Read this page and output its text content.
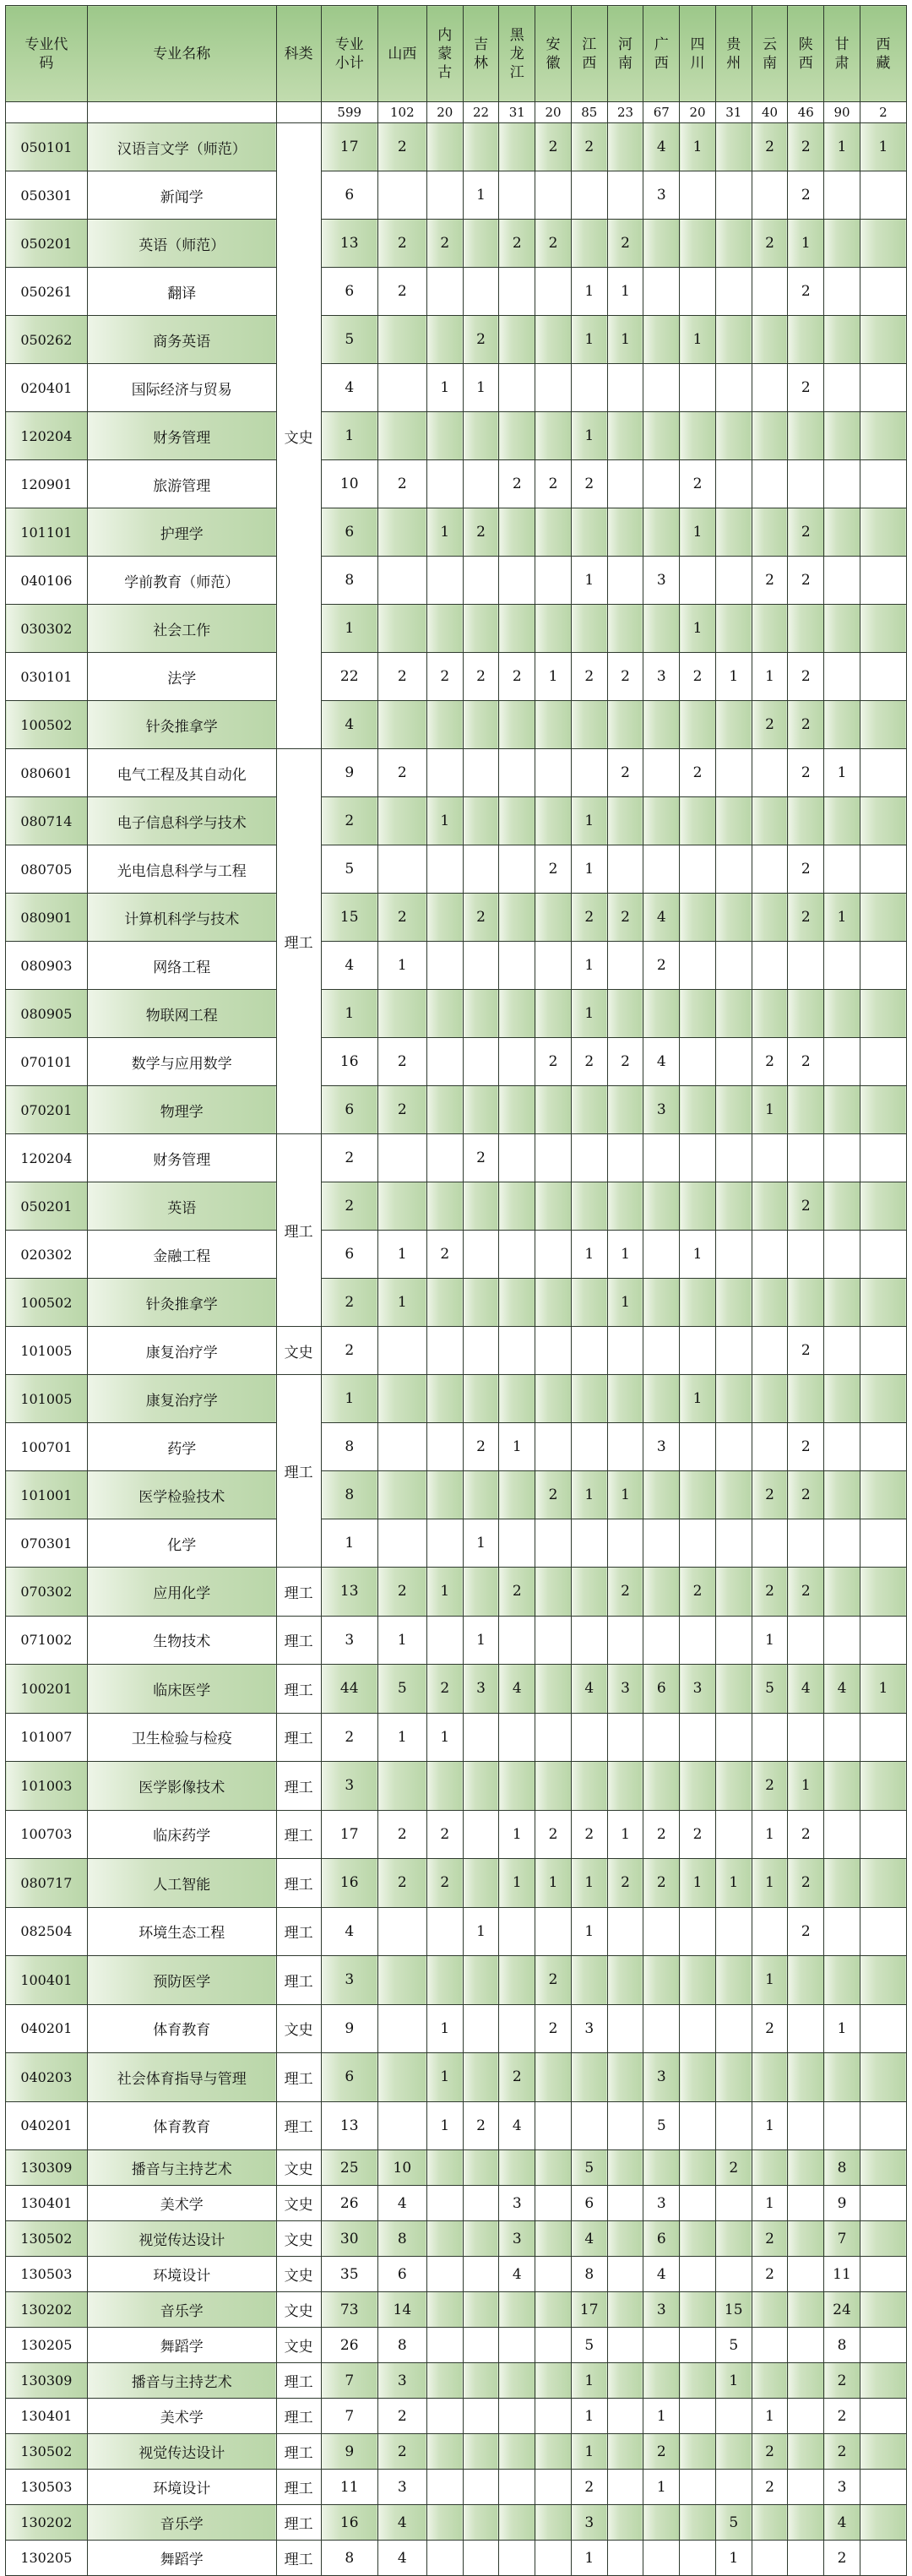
专业代码	专业名称	科类	专业小计	山西	内蒙古	吉林	黑龙江	安徽	江西	河南	广西	四川	贵州	云南	陕西	甘肃	西藏
			599	102	20	22	31	20	85	23	67	20	31	40	46	90	2
050101	汉语言文学（师范）	文史	17	2				2	2		4	1		2	2	1	1
050301	新闻学		6			1					3				2		
050201	英语（师范）		13	2	2		2	2		2				2	1		
050261	翻译		6	2					1	1					2		
050262	商务英语		5			2			1	1		1					
020401	国际经济与贸易		4		1	1									2		
120204	财务管理		1						1								
120901	旅游管理		10	2			2	2	2			2					
101101	护理学		6		1	2						1			2		
040106	学前教育（师范）		8						1		3			2	2		
030302	社会工作		1									1					
030101	法学		22	2	2	2	2	1	2	2	3	2	1	1	2		
100502	针灸推拿学		4											2	2		
080601	电气工程及其自动化	理工	9	2						2		2			2	1	
080714	电子信息科学与技术		2		1				1								
080705	光电信息科学与工程		5					2	1						2		
080901	计算机科学与技术		15	2		2			2	2	4				2	1	
080903	网络工程		4	1					1		2						
080905	物联网工程		1						1								
070101	数学与应用数学		16	2				2	2	2	4			2	2		
070201	物理学		6	2							3			1			
120204	财务管理	理工	2			2											
050201	英语		2												2		
020302	金融工程		6	1	2				1	1		1					
100502	针灸推拿学		2	1						1							
101005	康复治疗学	文史	2												2		
101005	康复治疗学	理工	1									1					
100701	药学		8			2	1				3				2		
101001	医学检验技术		8					2	1	1				2	2		
070301	化学		1			1											
070302	应用化学	理工	13	2	1		2			2		2		2	2		
071002	生物技术	理工	3	1		1								1			
100201	临床医学	理工	44	5	2	3	4		4	3	6	3		5	4	4	1
101007	卫生检验与检疫	理工	2	1	1												
101003	医学影像技术	理工	3											2	1		
100703	临床药学	理工	17	2	2		1	2	2	1	2	2		1	2		
080717	人工智能	理工	16	2	2		1	1	1	2	2	1	1	1	2		
082504	环境生态工程	理工	4			1			1						2		
100401	预防医学	理工	3					2						1			
040201	体育教育	文史	9		1			2	3					2		1	
040203	社会体育指导与管理	理工	6		1		2				3						
040201	体育教育	理工	13		1	2	4				5			1			
130309	播音与主持艺术	文史	25	10					5				2			8	
130401	美术学	文史	26	4			3		6		3			1		9	
130502	视觉传达设计	文史	30	8			3		4		6			2		7	
130503	环境设计	文史	35	6			4		8		4			2		11	
130202	音乐学	文史	73	14					17		3		15			24	
130205	舞蹈学	文史	26	8					5				5			8	
130309	播音与主持艺术	理工	7	3					1				1			2	
130401	美术学	理工	7	2					1		1			1		2	
130502	视觉传达设计	理工	9	2					1		2			2		2	
130503	环境设计	理工	11	3					2		1			2		3	
130202	音乐学	理工	16	4					3				5			4	
130205	舞蹈学	理工	8	4					1				1			2	
